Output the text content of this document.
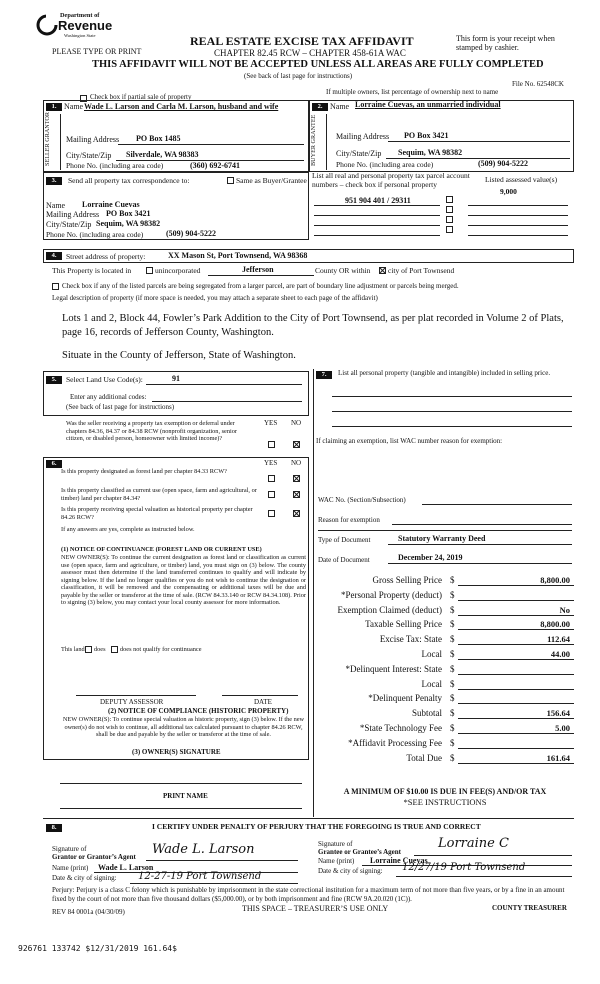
Department of
Revenue
Washington State
PLEASE TYPE OR PRINT
REAL ESTATE EXCISE TAX AFFIDAVIT
CHAPTER 82.45 RCW – CHAPTER 458-61A WAC
THIS AFFIDAVIT WILL NOT BE ACCEPTED UNLESS ALL AREAS ARE FULLY COMPLETED
(See back of last page for instructions)
This form is your receipt when stamped by cashier.
File No. 62548CK
Check box if partial sale of property
If multiple owners, list percentage of ownership next to name
1.	2.
SELLER GRANTOR
Name Wade L. Larson and Carla M. Larson, husband and wife
Mailing Address PO Box 1485
City/State/Zip Silverdale, WA 98383
Phone No. (including area code)	(360) 692-6741	BUYER GRANTEE
Name Lorraine Cuevas, an unmarried individual
Mailing Address PO Box 3421
City/State/Zip Sequim, WA 98382
Phone No. (including area code)	(509) 904-5222
3.	Send all property tax correspondence to:	Same as Buyer/Grantee
Name Lorraine Cuevas
Mailing Address PO Box 3421
City/State/Zip Sequim, WA 98382
Phone No. (including area code)	(509) 904-5222
List all real and personal property tax parcel account numbers – check box if personal property
Listed assessed value(s)
9,000
951 904 401 / 29311
4.	Street address of property:	XX Mason St, Port Townsend, WA 98368
This Property is located in	unincorporated	Jefferson	County OR within city of Port Townsend
Check box if any of the listed parcels are being segregated from a larger parcel, are part of boundary line adjustment or parcels being merged.
Legal description of property (if more space is needed, you may attach a separate sheet to each page of the affidavit)
Lots 1 and 2, Block 44, Fowler’s Park Addition to the City of Port Townsend, as per plat recorded in Volume 2 of Plats, page 16, records of Jefferson County, Washington.
Situate in the County of Jefferson, State of Washington.
5.	Select Land Use Code(s):	91
Enter any additional codes:
(See back of last page for instructions)
YES NO
Was the seller receiving a property tax exemption or deferral under chapters 84.36, 84.37 or 84.38 RCW (nonprofit organization, senior citizen, or disabled person, homeowner with limited income)?
6.	YES NO
Is this property designated as forest land per chapter 84.33 RCW?
Is this property classified as current use (open space, farm and agricultural, or timber) land per chapter 84.34?
Is this property receiving special valuation as historical property per chapter 84.26 RCW?
If any answers are yes, complete as instructed below.
(1) NOTICE OF CONTINUANCE (FOREST LAND OR CURRENT USE)
NEW OWNER(S): To continue the current designation as forest land or classification as current use (open space, farm and agriculture, or timber) land, you must sign on (3) below. The county assessor must then determine if the land transferred continues to qualify and will indicate by signing below. If the land no longer qualifies or you do not wish to continue the designation or classification, it will be removed and the compensating or additional taxes will be due and payable by the seller or transferor at the time of sale. (RCW 84.33.140 or RCW 84.34.108). Prior to signing (3) below, you may contact your local county assessor for more information.
This land does does not qualify for continuance
DEPUTY ASSESSOR	DATE
(2) NOTICE OF COMPLIANCE (HISTORIC PROPERTY)
NEW OWNER(S): To continue special valuation as historic property, sign (3) below. If the new owner(s) do not wish to continue, all additional tax calculated pursuant to chapter 84.26 RCW, shall be due and payable by the seller or transferor at the time of sale.
(3) OWNER(S) SIGNATURE
PRINT NAME
7.	List all personal property (tangible and intangible) included in selling price.
If claiming an exemption, list WAC number reason for exemption:
WAC No. (Section/Subsection)
Reason for exemption
Type of Document	Statutory Warranty Deed
Date of Document	December 24, 2019
Gross Selling Price $	8,800.00
*Personal Property (deduct) $
Exemption Claimed (deduct) $	No
Taxable Selling Price $	8,800.00
Excise Tax: State $	112.64
Local $	44.00
*Delinquent Interest: State $
Local $
*Delinquent Penalty $
Subtotal $	156.64
*State Technology Fee $	5.00
*Affidavit Processing Fee $
Total Due $	161.64
A MINIMUM OF $10.00 IS DUE IN FEE(S) AND/OR TAX
*SEE INSTRUCTIONS
8.	I CERTIFY UNDER PENALTY OF PERJURY THAT THE FOREGOING IS TRUE AND CORRECT
Signature of
Grantor or Grantor’s Agent Wade L. Larson
Name (print) Wade L. Larson
Date & city of signing: 12-27-19 Port Townsend
Signature of
Grantee or Grantee’s Agent
Lorraine C
Name (print) Lorraine Cuevas
Date & city of signing: 12/27/19 Port Townsend
Perjury: Perjury is a class C felony which is punishable by imprisonment in the state correctional institution for a maximum term of not more than five years, or by a fine in an amount fixed by the court of not more than five thousand dollars ($5,000.00), or by both imprisonment and fine (RCW 9A.20.020 (1C)).
REV 84 0001a (04/30/09)	THIS SPACE – TREASURER’S USE ONLY	COUNTY TREASURER
926761 133742 $12/31/2019 161.64$
